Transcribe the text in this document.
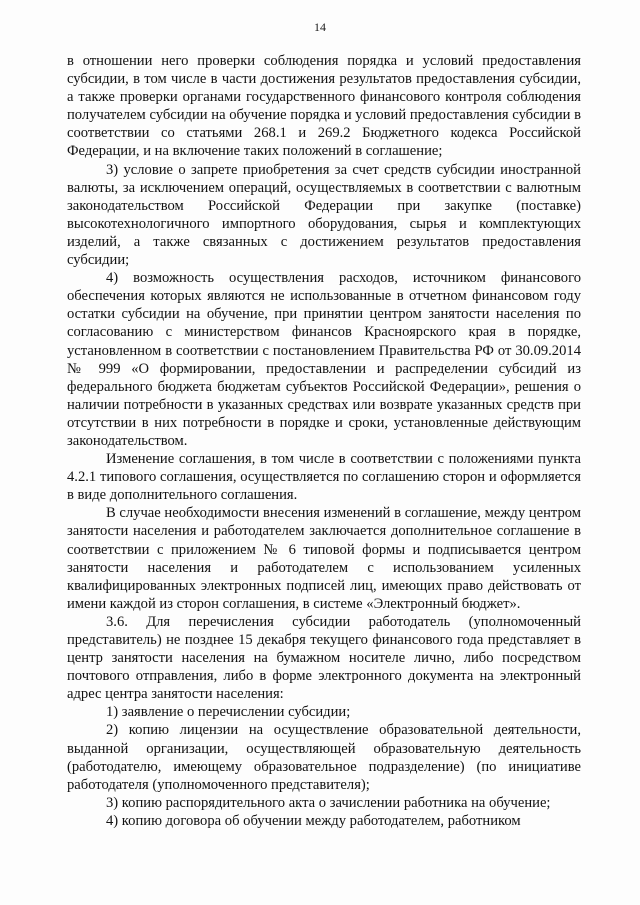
14

в отношении него проверки соблюдения порядка и условий предоставления субсидии, в том числе в части достижения результатов предоставления субсидии, а также проверки органами государственного финансового контроля соблюдения получателем субсидии на обучение порядка и условий предоставления субсидии в соответствии со статьями 268.1 и 269.2 Бюджетного кодекса Российской Федерации, и на включение таких положений в соглашение;

3) условие о запрете приобретения за счет средств субсидии иностранной валюты, за исключением операций, осуществляемых в соответствии с валютным законодательством Российской Федерации при закупке (поставке) высокотехнологичного импортного оборудования, сырья и комплектующих изделий, а также связанных с достижением результатов предоставления субсидии;

4) возможность осуществления расходов, источником финансового обеспечения которых являются не использованные в отчетном финансовом году остатки субсидии на обучение, при принятии центром занятости населения по согласованию с министерством финансов Красноярского края в порядке, установленном в соответствии с постановлением Правительства РФ от 30.09.2014 № 999 «О формировании, предоставлении и распределении субсидий из федерального бюджета бюджетам субъектов Российской Федерации», решения о наличии потребности в указанных средствах или возврате указанных средств при отсутствии в них потребности в порядке и сроки, установленные действующим законодательством.

Изменение соглашения, в том числе в соответствии с положениями пункта 4.2.1 типового соглашения, осуществляется по соглашению сторон и оформляется в виде дополнительного соглашения.

В случае необходимости внесения изменений в соглашение, между центром занятости населения и работодателем заключается дополнительное соглашение в соответствии с приложением № 6 типовой формы и подписывается центром занятости населения и работодателем с использованием усиленных квалифицированных электронных подписей лиц, имеющих право действовать от имени каждой из сторон соглашения, в системе «Электронный бюджет».

3.6. Для перечисления субсидии работодатель (уполномоченный представитель) не позднее 15 декабря текущего финансового года представляет в центр занятости населения на бумажном носителе лично, либо посредством почтового отправления, либо в форме электронного документа на электронный адрес центра занятости населения:

1) заявление о перечислении субсидии;

2) копию лицензии на осуществление образовательной деятельности, выданной организации, осуществляющей образовательную деятельность (работодателю, имеющему образовательное подразделение) (по инициативе работодателя (уполномоченного представителя);

3) копию распорядительного акта о зачислении работника на обучение;

4) копию договора об обучении между работодателем, работником
